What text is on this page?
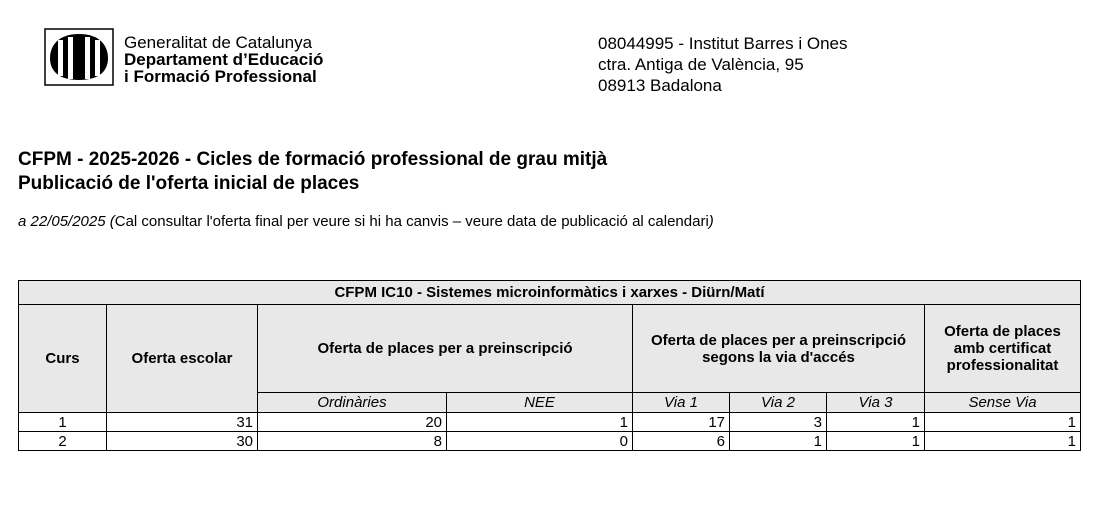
Generalitat de Catalunya
Departament d’Educació
i Formació Professional
08044995 - Institut Barres i Ones
ctra. Antiga de València, 95
08913 Badalona
CFPM - 2025-2026 - Cicles de formació professional de grau mitjà
Publicació de l'oferta inicial de places
a 22/05/2025 (Cal consultar l'oferta final per veure si hi ha canvis – veure data de publicació al calendari)
CFPM IC10 - Sistemes microinformàtics i xarxes - Diürn/Matí							
Curs	Oferta escolar	Oferta de places per a preinscripció		Oferta de places per a preinscripció segons la via d'accés			Oferta de places amb certificat professionalitat
		Ordinàries	NEE	Via 1	Via 2	Via 3	Sense Via
1	31	20	1	17	3	1	1
2	30	8	0	6	1	1	1
